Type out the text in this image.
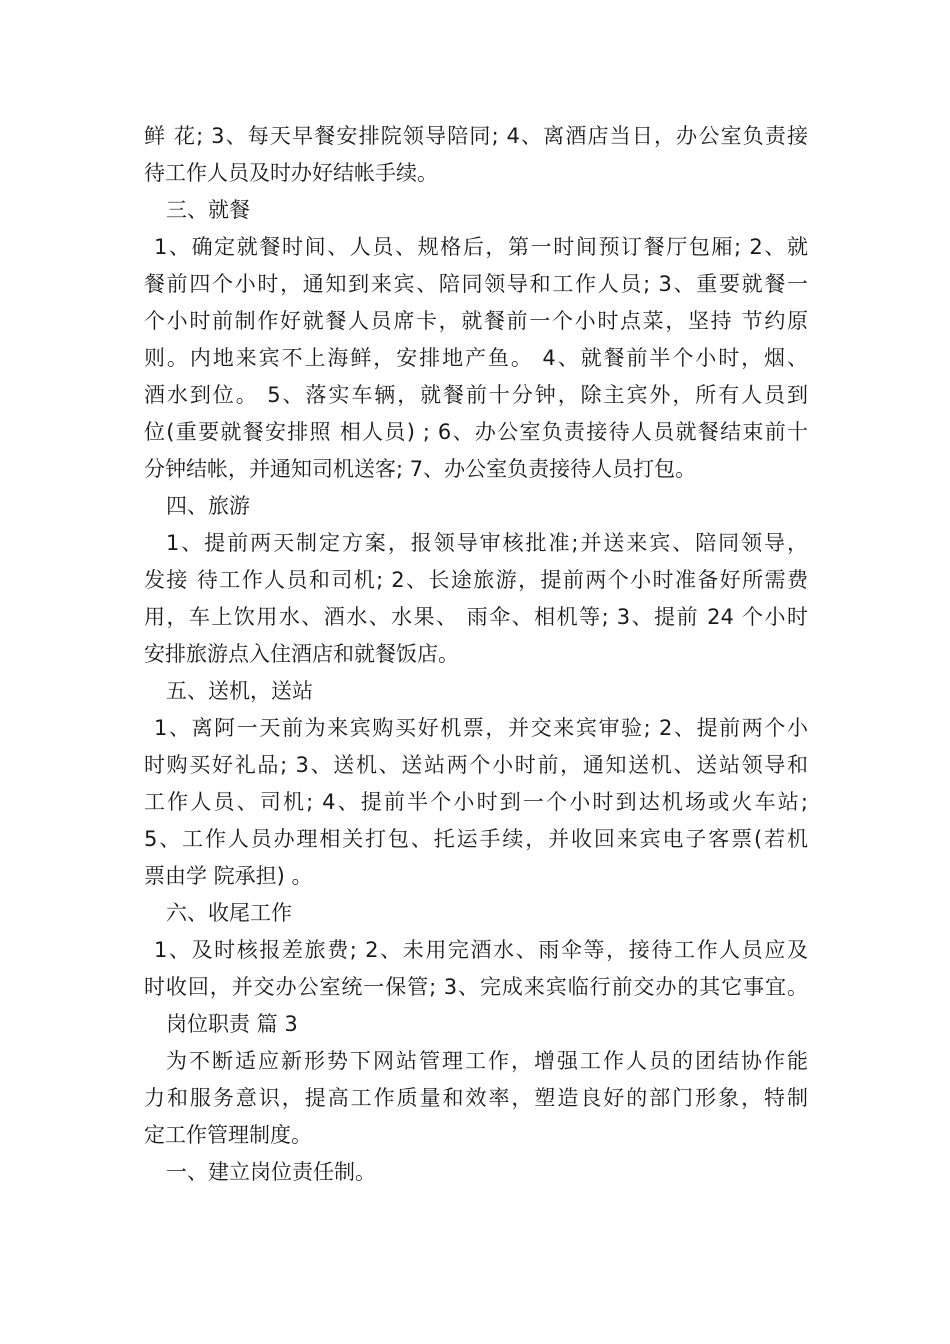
鲜 花; 3、每天早餐安排院领导陪同; 4、离酒店当日，办公室负责接
待工作人员及时办好结帐手续。
三、就餐
1、确定就餐时间、人员、规格后，第一时间预订餐厅包厢; 2、就
餐前四个小时，通知到来宾、陪同领导和工作人员; 3、重要就餐一
个小时前制作好就餐人员席卡，就餐前一个小时点菜，坚持 节约原
则。内地来宾不上海鲜，安排地产鱼。 4、就餐前半个小时，烟、
酒水到位。 5、落实车辆，就餐前十分钟，除主宾外，所有人员到
位(重要就餐安排照 相人员) ; 6、办公室负责接待人员就餐结束前十
分钟结帐，并通知司机送客; 7、办公室负责接待人员打包。
四、旅游
1、提前两天制定方案，报领导审核批准;并送来宾、陪同领导，
发接 待工作人员和司机; 2、长途旅游，提前两个小时准备好所需费
用，车上饮用水、酒水、水果、 雨伞、相机等; 3、提前 24 个小时
安排旅游点入住酒店和就餐饭店。
五、送机，送站
1、离阿一天前为来宾购买好机票，并交来宾审验; 2、提前两个小
时购买好礼品; 3、送机、送站两个小时前，通知送机、送站领导和
工作人员、司机; 4、提前半个小时到一个小时到达机场或火车站;
5、工作人员办理相关打包、托运手续，并收回来宾电子客票(若机
票由学 院承担) 。
六、收尾工作
1、及时核报差旅费; 2、未用完酒水、雨伞等，接待工作人员应及
时收回，并交办公室统一保管; 3、完成来宾临行前交办的其它事宜。
岗位职责 篇 3
为不断适应新形势下网站管理工作，增强工作人员的团结协作能
力和服务意识，提高工作质量和效率，塑造良好的部门形象，特制
定工作管理制度。
一、建立岗位责任制。
